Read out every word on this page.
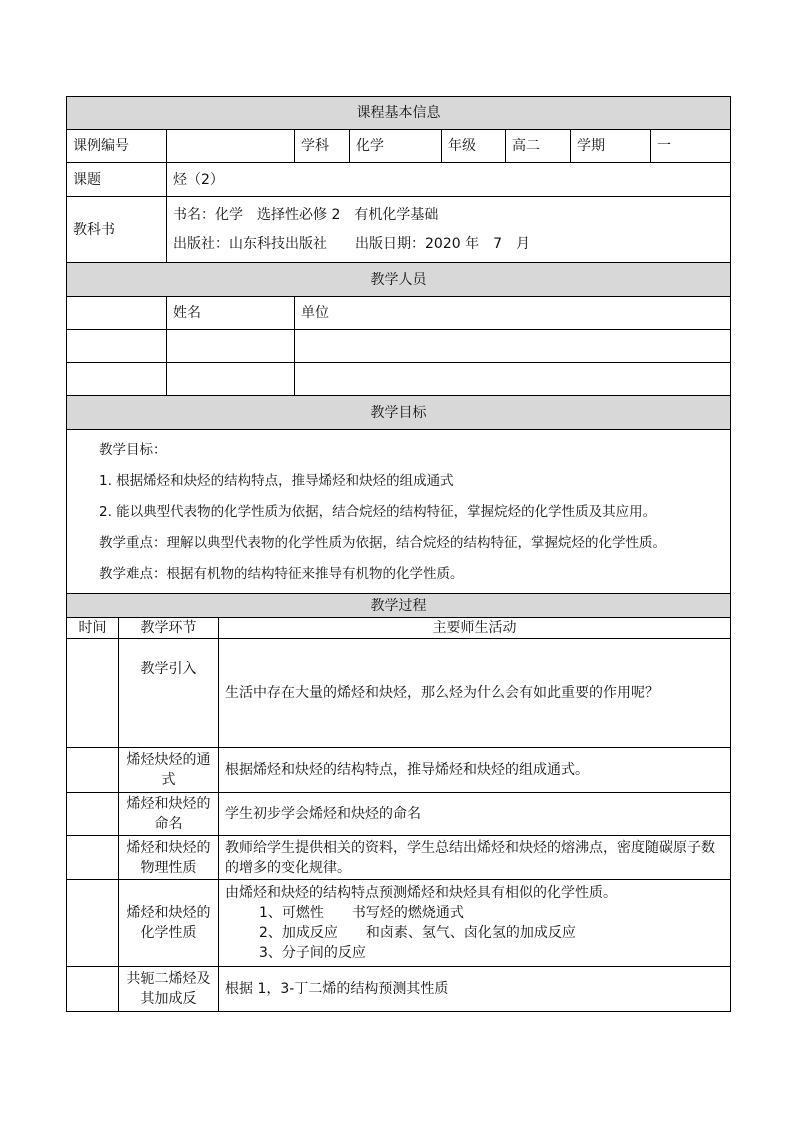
课程基本信息							
课例编号		学科	化学	年级	高二	学期	一
课题	烃（2）						
教科书	书名：化学　选择性必修 2　有机化学基础
出版社：山东科技出版社　　出版日期：2020 年　7　月						
教学人员		
	姓名	单位

教学目标		

教学目标：

1. 根据烯烃和炔烃的结构特点，推导烯烃和炔烃的组成通式

2. 能以典型代表物的化学性质为依据，结合烷烃的结构特征，掌握烷烃的化学性质及其应用。

教学重点：理解以典型代表物的化学性质为依据，结合烷烃的结构特征，掌握烷烃的化学性质。

教学难点：根据有机物的结构特征来推导有机物的化学性质。		

教学过程		
时间	教学环节	主要师生活动
	教学引入	生活中存在大量的烯烃和炔烃，那么烃为什么会有如此重要的作用呢？
	烯烃炔烃的通式	根据烯烃和炔烃的结构特点，推导烯烃和炔烃的组成通式。
	烯烃和炔烃的命名	学生初步学会烯烃和炔烃的命名
	烯烃和炔烃的物理性质	教师给学生提供相关的资料，学生总结出烯烃和炔烃的熔沸点，密度随碳原子数的增多的变化规律。
	烯烃和炔烃的化学性质	由烯烃和炔烃的结构特点预测烯烃和炔烃具有相似的化学性质。
1、可燃性　　书写烃的燃烧通式
2、加成反应　　和卤素、氢气、卤化氢的加成反应
3、分子间的反应

	共轭二烯烃及其加成反	根据 1，3-丁二烯的结构预测其性质
